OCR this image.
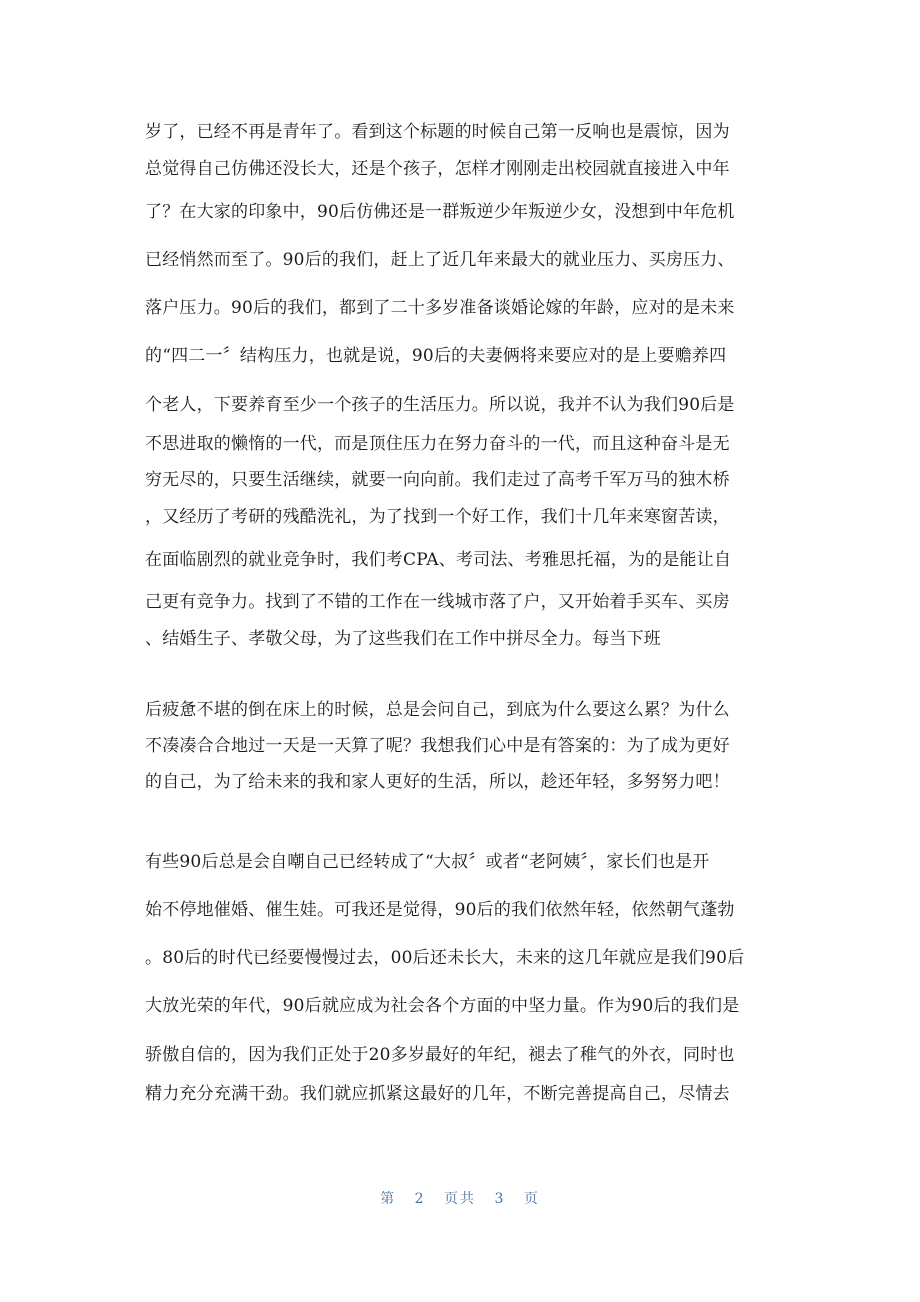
岁了，已经不再是青年了。看到这个标题的时候自己第一反响也是震惊，因为
总觉得自己仿佛还没长大，还是个孩子，怎样才刚刚走出校园就直接进入中年
了？在大家的印象中，90后仿佛还是一群叛逆少年叛逆少女，没想到中年危机
已经悄然而至了。90后的我们，赶上了近几年来最大的就业压力、买房压力、
落户压力。90后的我们，都到了二十多岁准备谈婚论嫁的年龄，应对的是未来
的“四二一〞结构压力，也就是说，90后的夫妻俩将来要应对的是上要赡养四
个老人，下要养育至少一个孩子的生活压力。所以说，我并不认为我们90后是
不思进取的懒惰的一代，而是顶住压力在努力奋斗的一代，而且这种奋斗是无
穷无尽的，只要生活继续，就要一向向前。我们走过了高考千军万马的独木桥
，又经历了考研的残酷洗礼，为了找到一个好工作，我们十几年来寒窗苦读，
在面临剧烈的就业竞争时，我们考CPA、考司法、考雅思托福，为的是能让自
己更有竞争力。找到了不错的工作在一线城市落了户，又开始着手买车、买房
、结婚生子、孝敬父母，为了这些我们在工作中拼尽全力。每当下班
后疲惫不堪的倒在床上的时候，总是会问自己，到底为什么要这么累？为什么
不凑凑合合地过一天是一天算了呢？我想我们心中是有答案的：为了成为更好
的自己，为了给未来的我和家人更好的生活，所以，趁还年轻，多努努力吧！
有些90后总是会自嘲自己已经转成了“大叔〞或者“老阿姨〞，家长们也是开
始不停地催婚、催生娃。可我还是觉得，90后的我们依然年轻，依然朝气蓬勃
。80后的时代已经要慢慢过去，00后还未长大，未来的这几年就应是我们90后
大放光荣的年代，90后就应成为社会各个方面的中坚力量。作为90后的我们是
骄傲自信的，因为我们正处于20多岁最好的年纪，褪去了稚气的外衣，同时也
精力充分充满干劲。我们就应抓紧这最好的几年，不断完善提高自己，尽情去
第 2 页共 3 页
